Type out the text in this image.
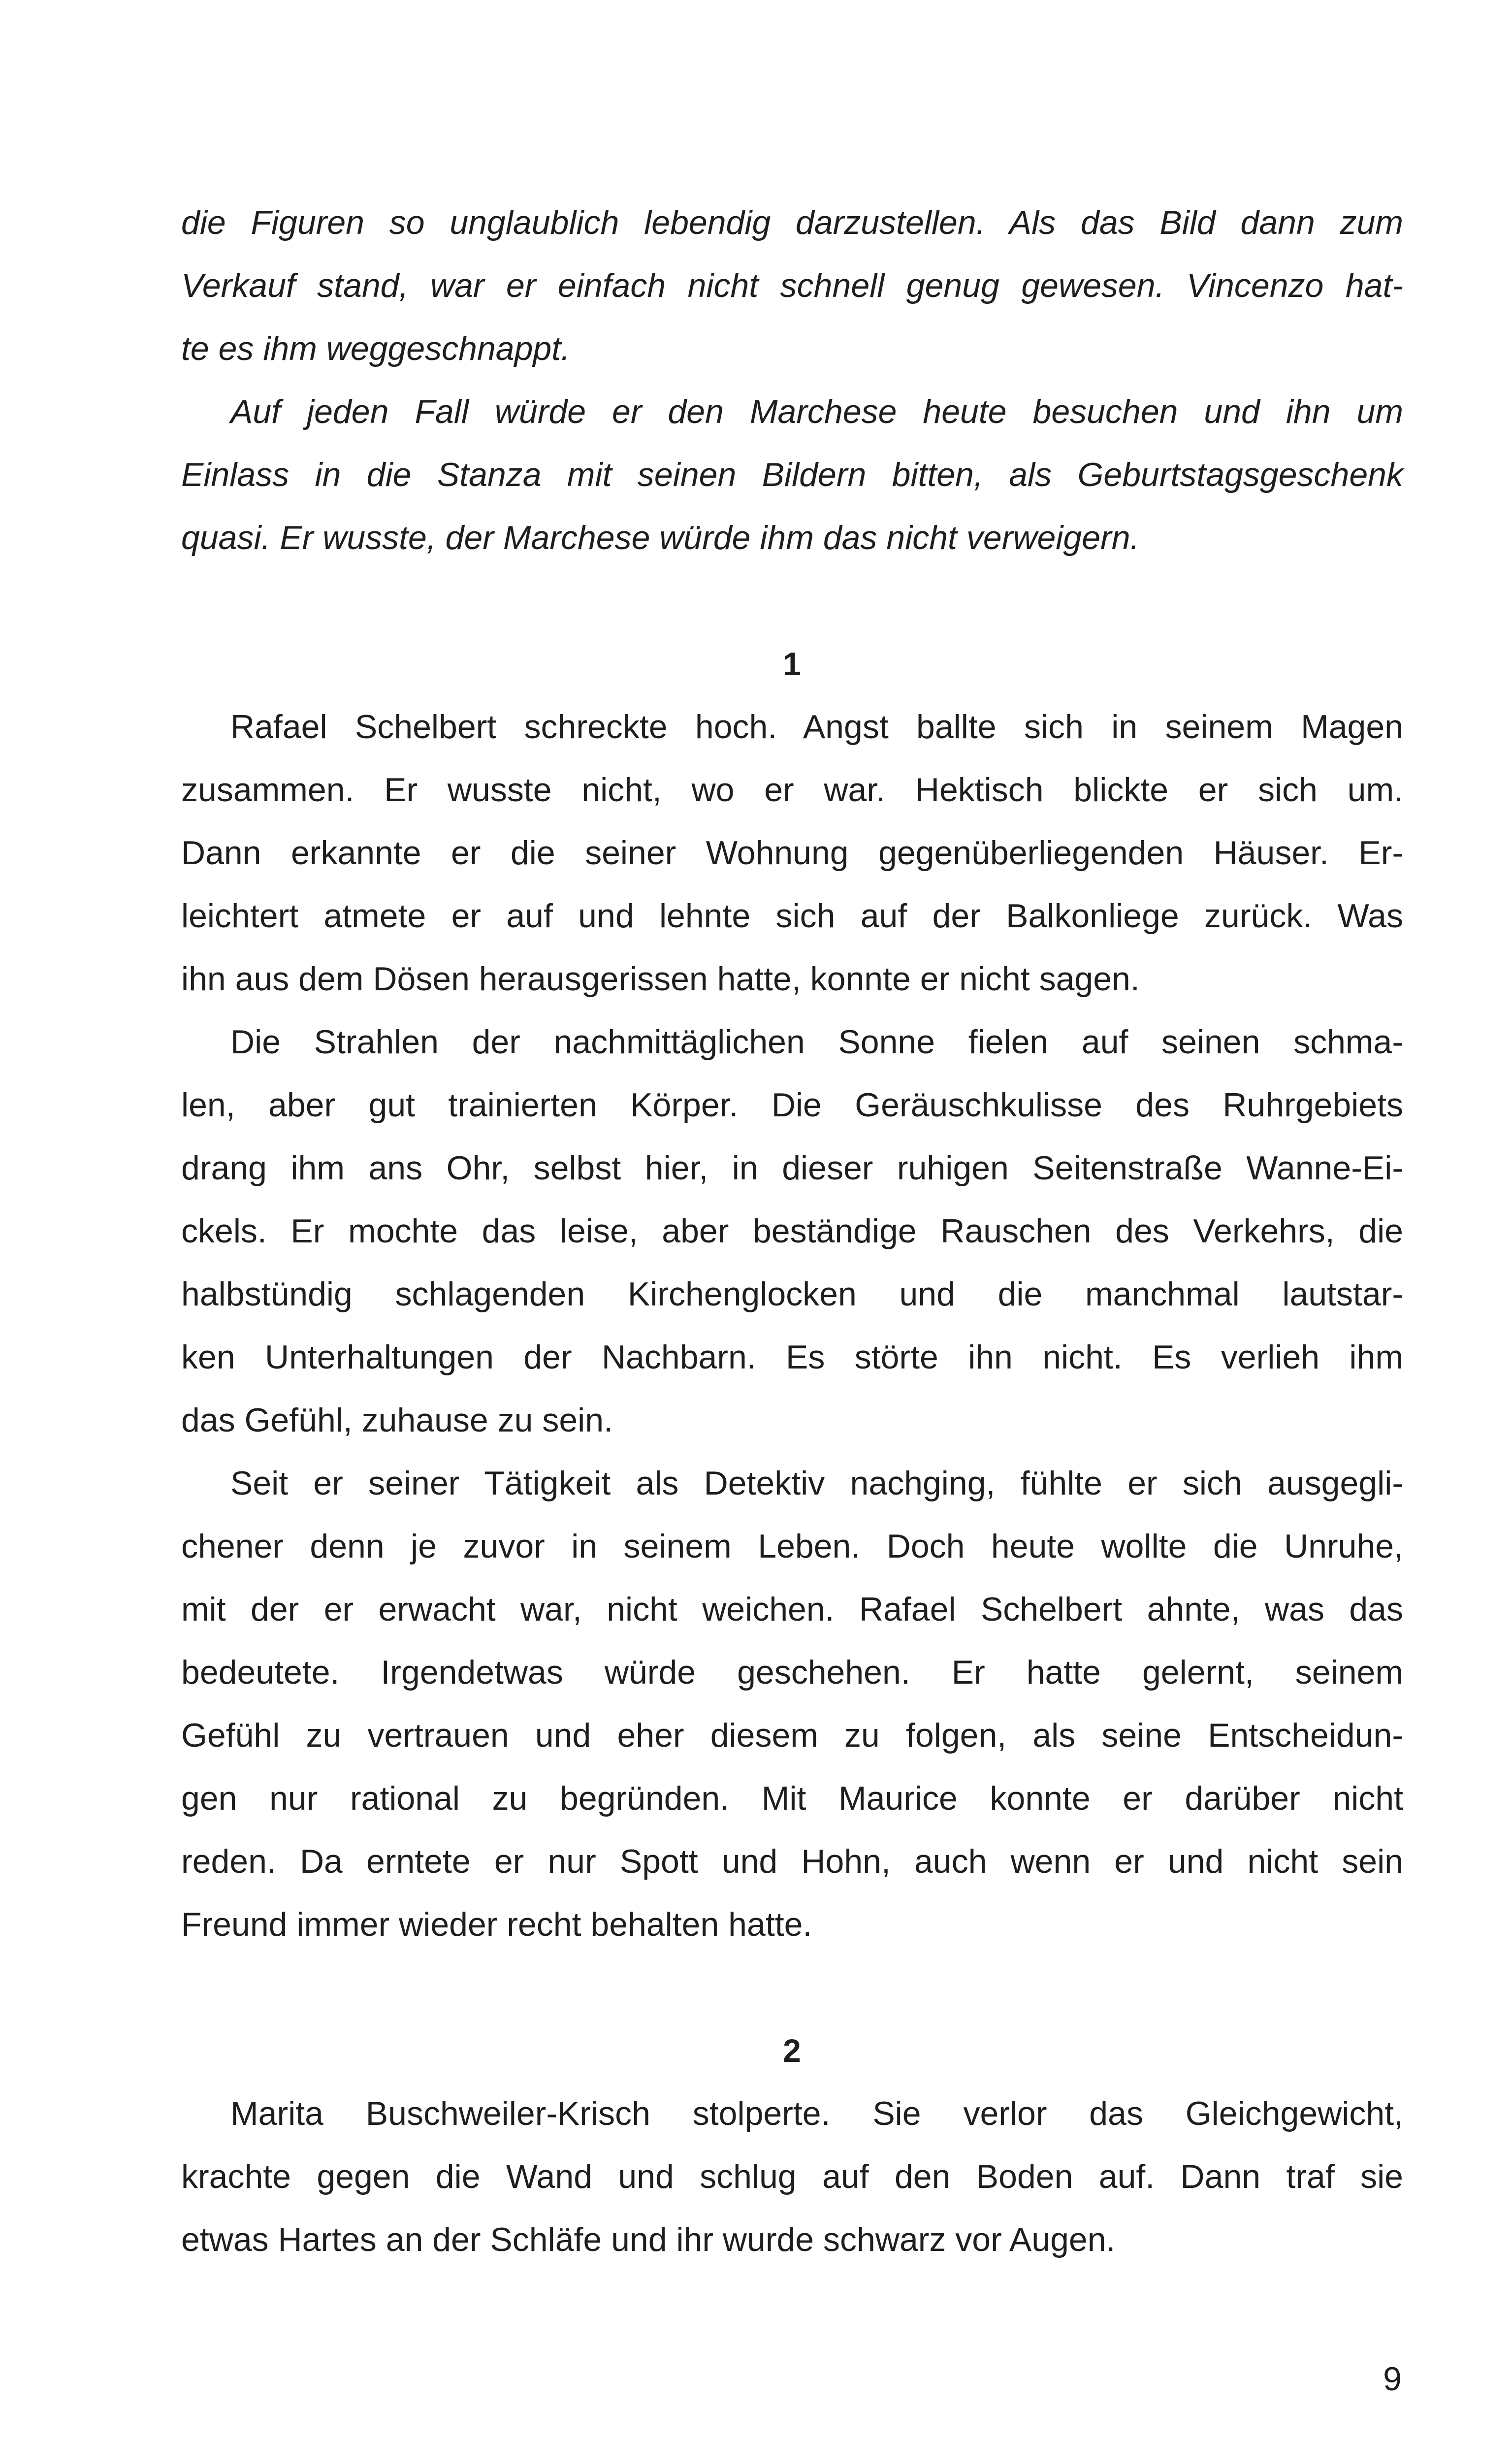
die Figuren so unglaublich lebendig darzustellen. Als das Bild dann zum
Verkauf stand, war er einfach nicht schnell genug gewesen. Vincenzo hat-
te es ihm weggeschnappt.
Auf jeden Fall würde er den Marchese heute besuchen und ihn um
Einlass in die Stanza mit seinen Bildern bitten, als Geburtstagsgeschenk
quasi. Er wusste, der Marchese würde ihm das nicht verweigern.
1
Rafael Schelbert schreckte hoch. Angst ballte sich in seinem Magen
zusammen. Er wusste nicht, wo er war. Hektisch blickte er sich um.
Dann erkannte er die seiner Wohnung gegenüberliegenden Häuser. Er-
leichtert atmete er auf und lehnte sich auf der Balkonliege zurück. Was
ihn aus dem Dösen herausgerissen hatte, konnte er nicht sagen.
Die Strahlen der nachmittäglichen Sonne fielen auf seinen schma-
len, aber gut trainierten Körper. Die Geräuschkulisse des Ruhrgebiets
drang ihm ans Ohr, selbst hier, in dieser ruhigen Seitenstraße Wanne-Ei-
ckels. Er mochte das leise, aber beständige Rauschen des Verkehrs, die
halbstündig schlagenden Kirchenglocken und die manchmal lautstar-
ken Unterhaltungen der Nachbarn. Es störte ihn nicht. Es verlieh ihm
das Gefühl, zuhause zu sein.
Seit er seiner Tätigkeit als Detektiv nachging, fühlte er sich ausgegli-
chener denn je zuvor in seinem Leben. Doch heute wollte die Unruhe,
mit der er erwacht war, nicht weichen. Rafael Schelbert ahnte, was das
bedeutete. Irgendetwas würde geschehen. Er hatte gelernt, seinem
Gefühl zu vertrauen und eher diesem zu folgen, als seine Entscheidun-
gen nur rational zu begründen. Mit Maurice konnte er darüber nicht
reden. Da erntete er nur Spott und Hohn, auch wenn er und nicht sein
Freund immer wieder recht behalten hatte.
2
Marita Buschweiler-Krisch stolperte. Sie verlor das Gleichgewicht,
krachte gegen die Wand und schlug auf den Boden auf. Dann traf sie
etwas Hartes an der Schläfe und ihr wurde schwarz vor Augen.
9
